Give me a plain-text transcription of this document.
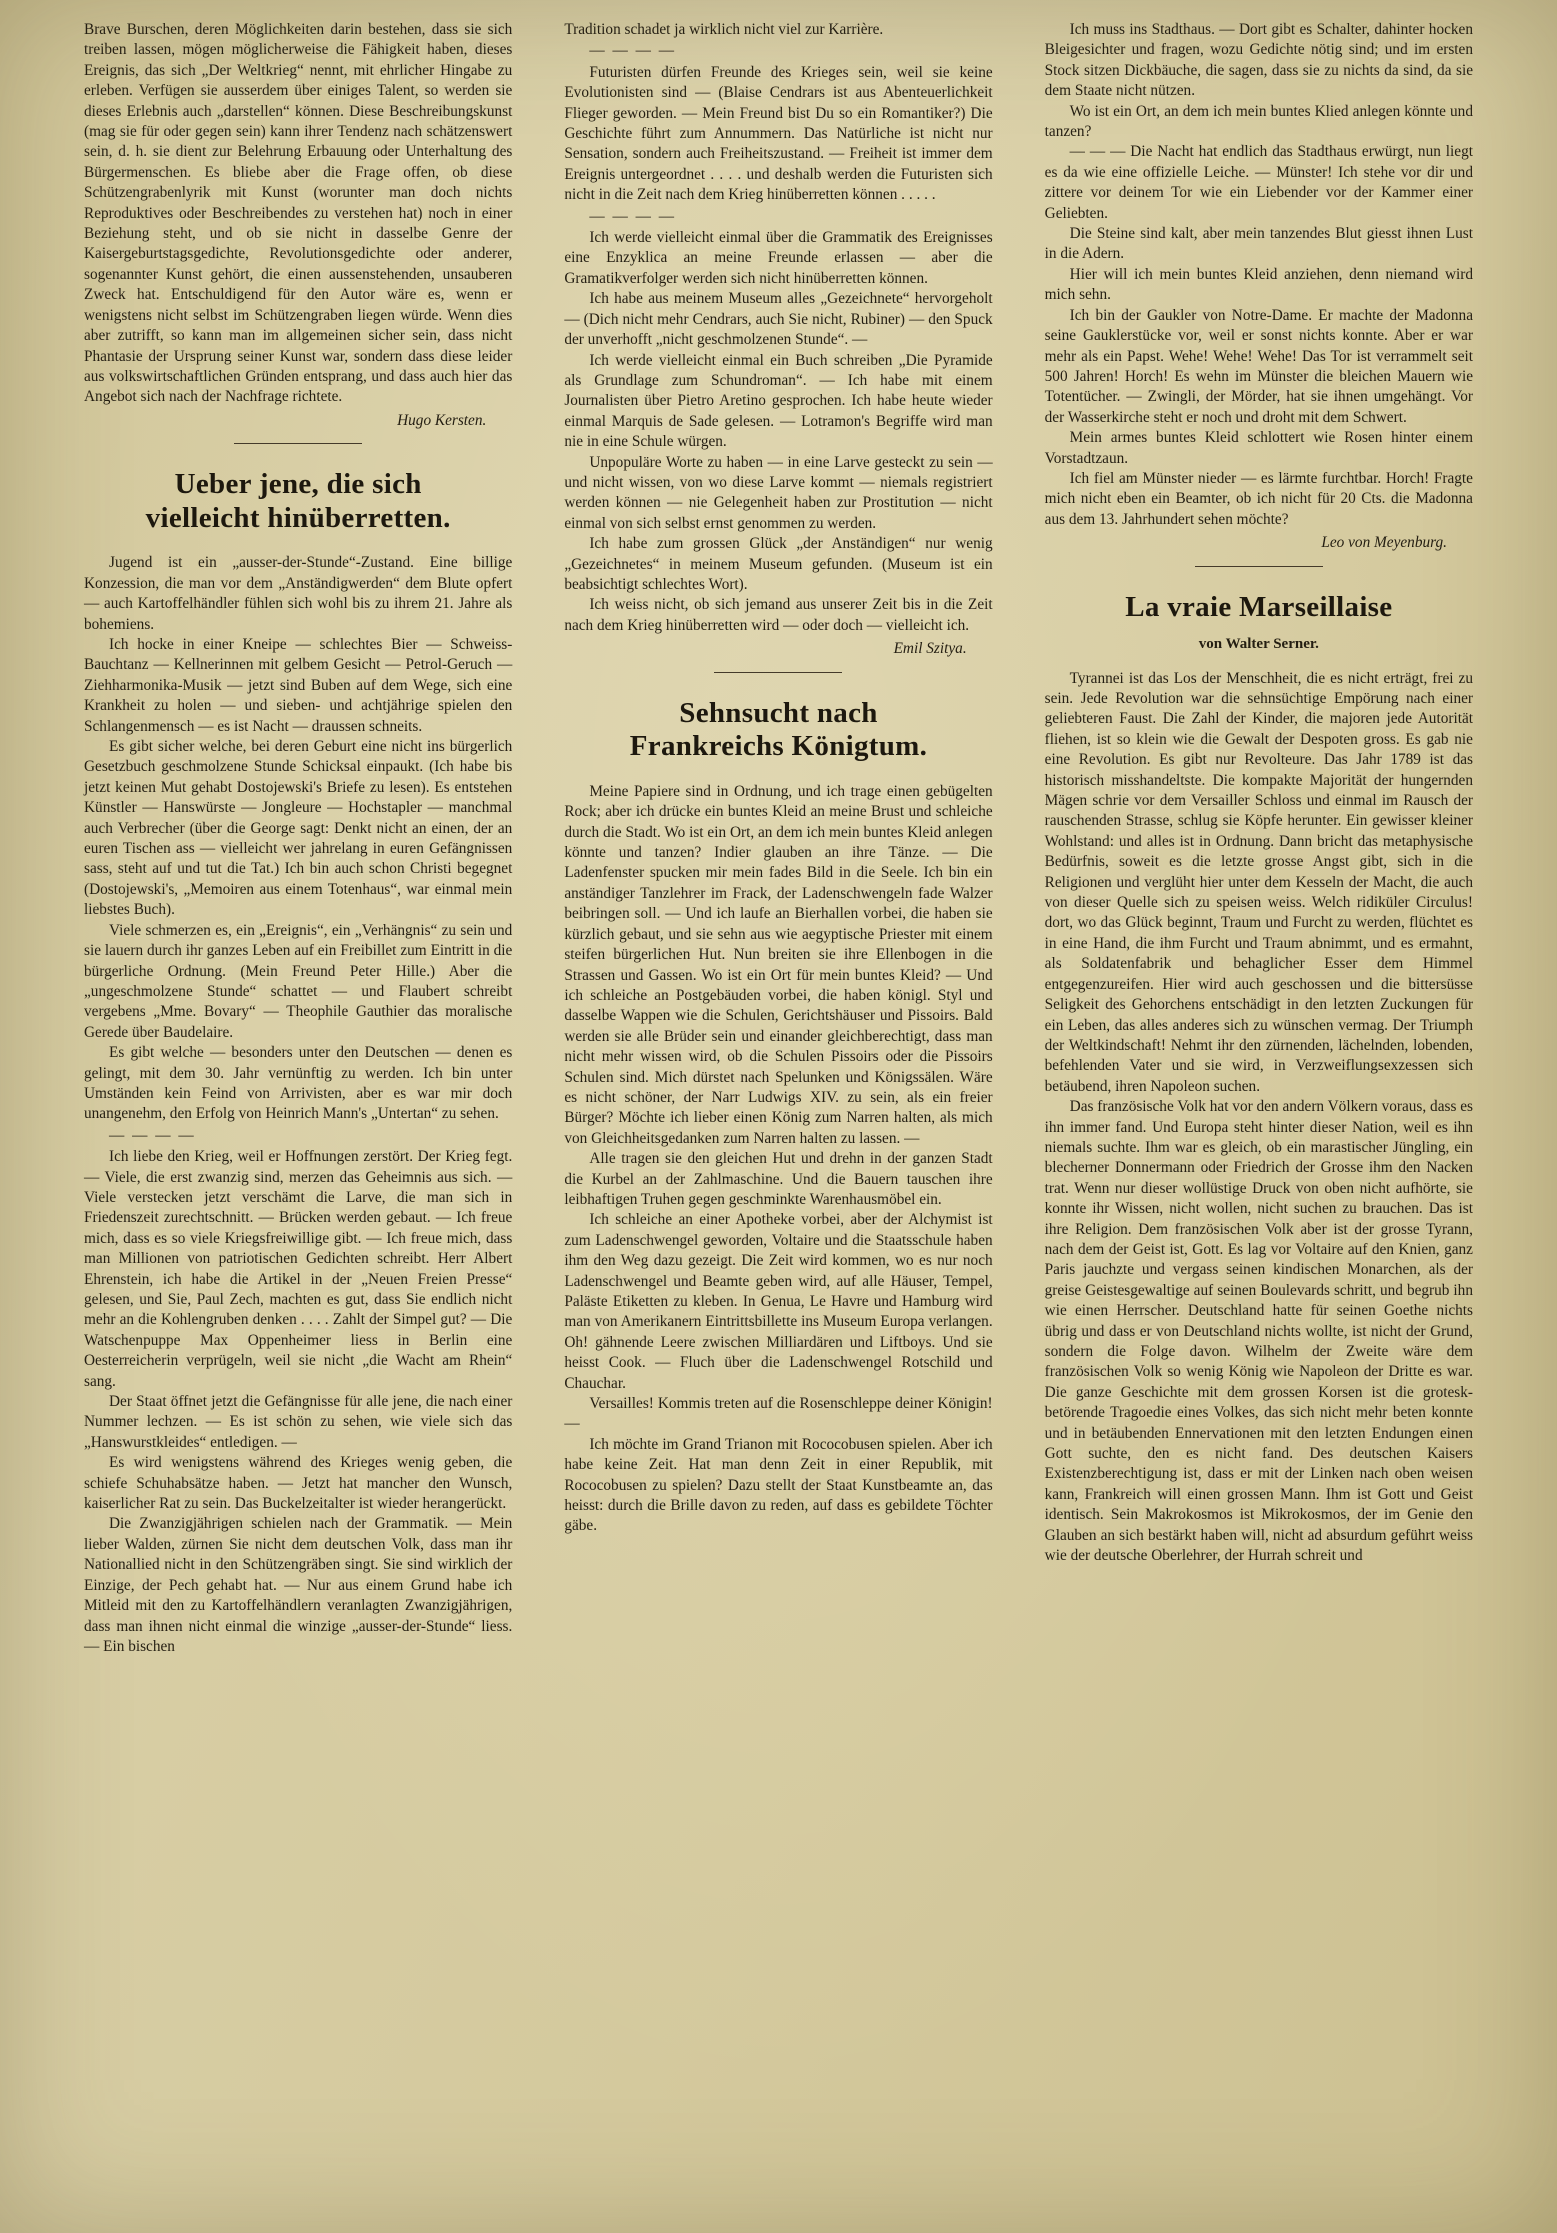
Brave Burschen, deren Möglichkeiten darin bestehen, dass sie sich treiben lassen, mögen möglicherweise die Fähigkeit haben, dieses Ereignis, das sich „Der Weltkrieg“ nennt, mit ehrlicher Hingabe zu erleben. Verfügen sie ausserdem über einiges Talent, so werden sie dieses Erlebnis auch „darstellen“ können. Diese Beschreibungskunst (mag sie für oder gegen sein) kann ihrer Tendenz nach schätzenswert sein, d. h. sie dient zur Belehrung Erbauung oder Unterhaltung des Bürgermenschen. Es bliebe aber die Frage offen, ob diese Schützengrabenlyrik mit Kunst (worunter man doch nichts Reproduktives oder Beschreibendes zu verstehen hat) noch in einer Beziehung steht, und ob sie nicht in dasselbe Genre der Kaisergeburtstagsgedichte, Revolutionsgedichte oder anderer, sogenannter Kunst gehört, die einen aussenstehenden, unsauberen Zweck hat. Entschuldigend für den Autor wäre es, wenn er wenigstens nicht selbst im Schützengraben liegen würde. Wenn dies aber zutrifft, so kann man im allgemeinen sicher sein, dass nicht Phantasie der Ursprung seiner Kunst war, sondern dass diese leider aus volkswirtschaftlichen Gründen entsprang, und dass auch hier das Angebot sich nach der Nachfrage richtete.

Hugo Kersten.

Ueber jene, die sich
vielleicht hinüberretten.

Jugend ist ein „ausser-der-Stunde“-Zustand. Eine billige Konzession, die man vor dem „Anständigwerden“ dem Blute opfert — auch Kartoffelhändler fühlen sich wohl bis zu ihrem 21. Jahre als bohemiens.

Ich hocke in einer Kneipe — schlechtes Bier — Schweiss-Bauchtanz — Kellnerinnen mit gelbem Gesicht — Petrol-Geruch — Ziehharmonika-Musik — jetzt sind Buben auf dem Wege, sich eine Krankheit zu holen — und sieben- und achtjährige spielen den Schlangenmensch — es ist Nacht — draussen schneits.

Es gibt sicher welche, bei deren Geburt eine nicht ins bürgerlich Gesetzbuch geschmolzene Stunde Schicksal einpaukt. (Ich habe bis jetzt keinen Mut gehabt Dostojewski's Briefe zu lesen). Es entstehen Künstler — Hanswürste — Jongleure — Hochstapler — manchmal auch Verbrecher (über die George sagt: Denkt nicht an einen, der an euren Tischen ass — vielleicht wer jahrelang in euren Gefängnissen sass, steht auf und tut die Tat.) Ich bin auch schon Christi begegnet (Dostojewski's, „Memoiren aus einem Totenhaus“, war einmal mein liebstes Buch).

Viele schmerzen es, ein „Ereignis“, ein „Verhängnis“ zu sein und sie lauern durch ihr ganzes Leben auf ein Freibillet zum Eintritt in die bürgerliche Ordnung. (Mein Freund Peter Hille.) Aber die „ungeschmolzene Stunde“ schattet — und Flaubert schreibt vergebens „Mme. Bovary“ — Theophile Gauthier das moralische Gerede über Baudelaire.

Es gibt welche — besonders unter den Deutschen — denen es gelingt, mit dem 30. Jahr vernünftig zu werden. Ich bin unter Umständen kein Feind von Arrivisten, aber es war mir doch unangenehm, den Erfolg von Heinrich Mann's „Untertan“ zu sehen.

— — — —

Ich liebe den Krieg, weil er Hoffnungen zerstört. Der Krieg fegt. — Viele, die erst zwanzig sind, merzen das Geheimnis aus sich. — Viele verstecken jetzt verschämt die Larve, die man sich in Friedenszeit zurechtschnitt. — Brücken werden gebaut. — Ich freue mich, dass es so viele Kriegsfreiwillige gibt. — Ich freue mich, dass man Millionen von patriotischen Gedichten schreibt. Herr Albert Ehrenstein, ich habe die Artikel in der „Neuen Freien Presse“ gelesen, und Sie, Paul Zech, machten es gut, dass Sie endlich nicht mehr an die Kohlengruben denken . . . . Zahlt der Simpel gut? — Die Watschenpuppe Max Oppenheimer liess in Berlin eine Oesterreicherin verprügeln, weil sie nicht „die Wacht am Rhein“ sang.

Der Staat öffnet jetzt die Gefängnisse für alle jene, die nach einer Nummer lechzen. — Es ist schön zu sehen, wie viele sich das „Hanswurstkleides“ entledigen. —

Es wird wenigstens während des Krieges wenig geben, die schiefe Schuhabsätze haben. — Jetzt hat mancher den Wunsch, kaiserlicher Rat zu sein. Das Buckelzeitalter ist wieder herangerückt.

Die Zwanzigjährigen schielen nach der Grammatik. — Mein lieber Walden, zürnen Sie nicht dem deutschen Volk, dass man ihr Nationallied nicht in den Schützengräben singt. Sie sind wirklich der Einzige, der Pech gehabt hat. — Nur aus einem Grund habe ich Mitleid mit den zu Kartoffelhändlern veranlagten Zwanzigjährigen, dass man ihnen nicht einmal die winzige „ausser-der-Stunde“ liess. — Ein bischen

Tradition schadet ja wirklich nicht viel zur Karrière.

— — — —

Futuristen dürfen Freunde des Krieges sein, weil sie keine Evolutionisten sind — (Blaise Cendrars ist aus Abenteuerlichkeit Flieger geworden. — Mein Freund bist Du so ein Romantiker?) Die Geschichte führt zum Annummern. Das Natürliche ist nicht nur Sensation, sondern auch Freiheitszustand. — Freiheit ist immer dem Ereignis untergeordnet . . . . und deshalb werden die Futuristen sich nicht in die Zeit nach dem Krieg hinüberretten können . . . . .

— — — —

Ich werde vielleicht einmal über die Grammatik des Ereignisses eine Enzyklica an meine Freunde erlassen — aber die Gramatikverfolger werden sich nicht hinüberretten können.

Ich habe aus meinem Museum alles „Gezeichnete“ hervorgeholt — (Dich nicht mehr Cendrars, auch Sie nicht, Rubiner) — den Spuck der unverhofft „nicht geschmolzenen Stunde“. —

Ich werde vielleicht einmal ein Buch schreiben „Die Pyramide als Grundlage zum Schundroman“. — Ich habe mit einem Journalisten über Pietro Aretino gesprochen. Ich habe heute wieder einmal Marquis de Sade gelesen. — Lotramon's Begriffe wird man nie in eine Schule würgen.

Unpopuläre Worte zu haben — in eine Larve gesteckt zu sein — und nicht wissen, von wo diese Larve kommt — niemals registriert werden können — nie Gelegenheit haben zur Prostitution — nicht einmal von sich selbst ernst genommen zu werden.

Ich habe zum grossen Glück „der Anständigen“ nur wenig „Gezeichnetes“ in meinem Museum gefunden. (Museum ist ein beabsichtigt schlechtes Wort).

Ich weiss nicht, ob sich jemand aus unserer Zeit bis in die Zeit nach dem Krieg hinüberretten wird — oder doch — vielleicht ich.

Emil Szitya.

Sehnsucht nach
Frankreichs Königtum.

Meine Papiere sind in Ordnung, und ich trage einen gebügelten Rock; aber ich drücke ein buntes Kleid an meine Brust und schleiche durch die Stadt. Wo ist ein Ort, an dem ich mein buntes Kleid anlegen könnte und tanzen? Indier glauben an ihre Tänze. — Die Ladenfenster spucken mir mein fades Bild in die Seele. Ich bin ein anständiger Tanzlehrer im Frack, der Ladenschwengeln fade Walzer beibringen soll. — Und ich laufe an Bierhallen vorbei, die haben sie kürzlich gebaut, und sie sehn aus wie aegyptische Priester mit einem steifen bürgerlichen Hut. Nun breiten sie ihre Ellenbogen in die Strassen und Gassen. Wo ist ein Ort für mein buntes Kleid? — Und ich schleiche an Postgebäuden vorbei, die haben königl. Styl und dasselbe Wappen wie die Schulen, Gerichtshäuser und Pissoirs. Bald werden sie alle Brüder sein und einander gleichberechtigt, dass man nicht mehr wissen wird, ob die Schulen Pissoirs oder die Pissoirs Schulen sind. Mich dürstet nach Spelunken und Königssälen. Wäre es nicht schöner, der Narr Ludwigs XIV. zu sein, als ein freier Bürger? Möchte ich lieber einen König zum Narren halten, als mich von Gleichheitsgedanken zum Narren halten zu lassen. —

Alle tragen sie den gleichen Hut und drehn in der ganzen Stadt die Kurbel an der Zahlmaschine. Und die Bauern tauschen ihre leibhaftigen Truhen gegen geschminkte Warenhausmöbel ein.

Ich schleiche an einer Apotheke vorbei, aber der Alchymist ist zum Ladenschwengel geworden, Voltaire und die Staatsschule haben ihm den Weg dazu gezeigt. Die Zeit wird kommen, wo es nur noch Ladenschwengel und Beamte geben wird, auf alle Häuser, Tempel, Paläste Etiketten zu kleben. In Genua, Le Havre und Hamburg wird man von Amerikanern Eintrittsbillette ins Museum Europa verlangen. Oh! gähnende Leere zwischen Milliardären und Liftboys. Und sie heisst Cook. — Fluch über die Ladenschwengel Rotschild und Chauchar.

Versailles! Kommis treten auf die Rosenschleppe deiner Königin! —

Ich möchte im Grand Trianon mit Rococobusen spielen. Aber ich habe keine Zeit. Hat man denn Zeit in einer Republik, mit Rococobusen zu spielen? Dazu stellt der Staat Kunstbeamte an, das heisst: durch die Brille davon zu reden, auf dass es gebildete Töchter gäbe.

Ich muss ins Stadthaus. — Dort gibt es Schalter, dahinter hocken Bleigesichter und fragen, wozu Gedichte nötig sind; und im ersten Stock sitzen Dickbäuche, die sagen, dass sie zu nichts da sind, da sie dem Staate nicht nützen.

Wo ist ein Ort, an dem ich mein buntes Klied anlegen könnte und tanzen?

— — — Die Nacht hat endlich das Stadthaus erwürgt, nun liegt es da wie eine offizielle Leiche. — Münster! Ich stehe vor dir und zittere vor deinem Tor wie ein Liebender vor der Kammer einer Geliebten.

Die Steine sind kalt, aber mein tanzendes Blut giesst ihnen Lust in die Adern.

Hier will ich mein buntes Kleid anziehen, denn niemand wird mich sehn.

Ich bin der Gaukler von Notre-Dame. Er machte der Madonna seine Gauklerstücke vor, weil er sonst nichts konnte. Aber er war mehr als ein Papst. Wehe! Wehe! Wehe! Das Tor ist verrammelt seit 500 Jahren! Horch! Es wehn im Münster die bleichen Mauern wie Totentücher. — Zwingli, der Mörder, hat sie ihnen umgehängt. Vor der Wasserkirche steht er noch und droht mit dem Schwert.

Mein armes buntes Kleid schlottert wie Rosen hinter einem Vorstadtzaun.

Ich fiel am Münster nieder — es lärmte furchtbar. Horch! Fragte mich nicht eben ein Beamter, ob ich nicht für 20 Cts. die Madonna aus dem 13. Jahrhundert sehen möchte?

Leo von Meyenburg.

La vraie Marseillaise

von Walter Serner.

Tyrannei ist das Los der Menschheit, die es nicht erträgt, frei zu sein. Jede Revolution war die sehnsüchtige Empörung nach einer geliebteren Faust. Die Zahl der Kinder, die majoren jede Autorität fliehen, ist so klein wie die Gewalt der Despoten gross. Es gab nie eine Revolution. Es gibt nur Revolteure. Das Jahr 1789 ist das historisch misshandeltste. Die kompakte Majorität der hungernden Mägen schrie vor dem Versailler Schloss und einmal im Rausch der rauschenden Strasse, schlug sie Köpfe herunter. Ein gewisser kleiner Wohlstand: und alles ist in Ordnung. Dann bricht das metaphysische Bedürfnis, soweit es die letzte grosse Angst gibt, sich in die Religionen und verglüht hier unter dem Kesseln der Macht, die auch von dieser Quelle sich zu speisen weiss. Welch ridiküler Circulus! dort, wo das Glück beginnt, Traum und Furcht zu werden, flüchtet es in eine Hand, die ihm Furcht und Traum abnimmt, und es ermahnt, als Soldatenfabrik und behaglicher Esser dem Himmel entgegenzureifen. Hier wird auch geschossen und die bittersüsse Seligkeit des Gehorchens entschädigt in den letzten Zuckungen für ein Leben, das alles anderes sich zu wünschen vermag. Der Triumph der Weltkindschaft! Nehmt ihr den zürnenden, lächelnden, lobenden, befehlenden Vater und sie wird, in Verzweiflungsexzessen sich betäubend, ihren Napoleon suchen.

Das französische Volk hat vor den andern Völkern voraus, dass es ihn immer fand. Und Europa steht hinter dieser Nation, weil es ihn niemals suchte. Ihm war es gleich, ob ein marastischer Jüngling, ein blecherner Donnermann oder Friedrich der Grosse ihm den Nacken trat. Wenn nur dieser wollüstige Druck von oben nicht aufhörte, sie konnte ihr Wissen, nicht wollen, nicht suchen zu brauchen. Das ist ihre Religion. Dem französischen Volk aber ist der grosse Tyrann, nach dem der Geist ist, Gott. Es lag vor Voltaire auf den Knien, ganz Paris jauchzte und vergass seinen kindischen Monarchen, als der greise Geistesgewaltige auf seinen Boulevards schritt, und begrub ihn wie einen Herrscher. Deutschland hatte für seinen Goethe nichts übrig und dass er von Deutschland nichts wollte, ist nicht der Grund, sondern die Folge davon. Wilhelm der Zweite wäre dem französischen Volk so wenig König wie Napoleon der Dritte es war. Die ganze Geschichte mit dem grossen Korsen ist die grotesk-betörende Tragoedie eines Volkes, das sich nicht mehr beten konnte und in betäubenden Ennervationen mit den letzten Endungen einen Gott suchte, den es nicht fand. Des deutschen Kaisers Existenzberechtigung ist, dass er mit der Linken nach oben weisen kann, Frankreich will einen grossen Mann. Ihm ist Gott und Geist identisch. Sein Makrokosmos ist Mikrokosmos, der im Genie den Glauben an sich bestärkt haben will, nicht ad absurdum geführt weiss wie der deutsche Oberlehrer, der Hurrah schreit und
